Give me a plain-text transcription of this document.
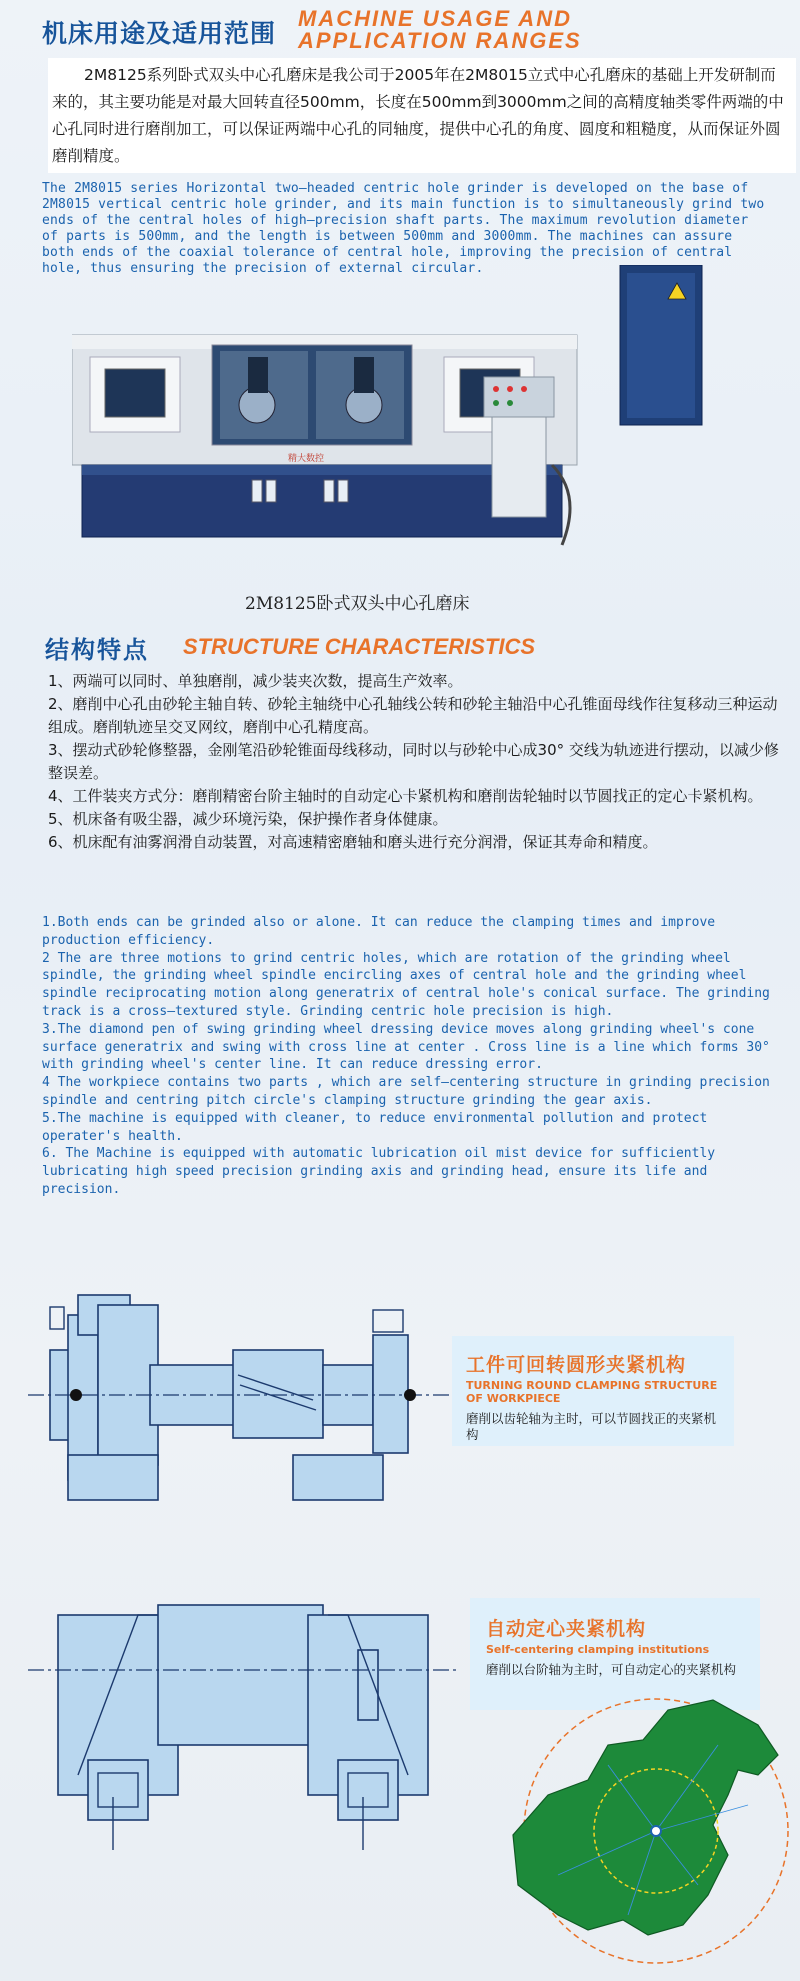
机床用途及适用范围
MACHINE USAGE AND
APPLICATION RANGES
2M8125系列卧式双头中心孔磨床是我公司于2005年在2M8015立式中心孔磨床的基础上开发研制而来的，其主要功能是对最大回转直径500mm，长度在500mm到3000mm之间的高精度轴类零件两端的中心孔同时进行磨削加工，可以保证两端中心孔的同轴度，提供中心孔的角度、圆度和粗糙度，从而保证外圆磨削精度。
The 2M8015 series Horizontal two—headed centric hole grinder is developed on the base of 2M8015 vertical centric hole grinder, and its main function is to simultaneously grind two ends of the central holes of high—precision shaft parts. The maximum revolution diameter of parts is 500mm, and the length is between 500mm and 3000mm. The machines can assure both ends of the coaxial tolerance of central hole, improving the precision of central hole, thus ensuring the precision of external circular.
精大数控
2M8125卧式双头中心孔磨床
结构特点 STRUCTURE CHARACTERISTICS

1、两端可以同时、单独磨削，减少装夹次数，提高生产效率。

2、磨削中心孔由砂轮主轴自转、砂轮主轴绕中心孔轴线公转和砂轮主轴沿中心孔锥面母线作往复移动三种运动组成。磨削轨迹呈交叉网纹，磨削中心孔精度高。

3、摆动式砂轮修整器，金刚笔沿砂轮锥面母线移动，同时以与砂轮中心成30° 交线为轨迹进行摆动，以减少修整误差。

4、工件装夹方式分：磨削精密台阶主轴时的自动定心卡紧机构和磨削齿轮轴时以节圆找正的定心卡紧机构。

5、机床备有吸尘器，减少环境污染，保护操作者身体健康。

6、机床配有油雾润滑自动装置，对高速精密磨轴和磨头进行充分润滑，保证其寿命和精度。

1.Both ends can be grinded also or alone. It can reduce the clamping times and improve production efficiency.

2 The are three motions to grind centric holes, which are rotation of the grinding wheel spindle, the grinding wheel spindle encircling axes of central hole and the grinding wheel spindle reciprocating motion along generatrix of central hole's conical surface. The grinding track is a cross—textured style. Grinding centric hole precision is high.

3.The diamond pen of swing grinding wheel dressing device moves along grinding wheel's cone surface generatrix and swing with cross line at center . Cross line is a line which forms 30° with grinding wheel's center line. It can reduce dressing error.

4 The workpiece contains two parts , which are self—centering structure in grinding precision spindle and centring pitch circle's clamping structure grinding the gear axis.

5.The machine is equipped with cleaner, to reduce environmental pollution and protect operater's health.

6. The Machine is equipped with automatic lubrication oil mist device for sufficiently lubricating high speed precision grinding axis and grinding head, ensure its life and precision.

工件可回转圆形夹紧机构
TURNING ROUND CLAMPING STRUCTURE OF WORKPIECE
磨削以齿轮轴为主时，可以节圆找正的夹紧机构
自动定心夹紧机构
Self-centering clamping institutions
磨削以台阶轴为主时，可自动定心的夹紧机构
